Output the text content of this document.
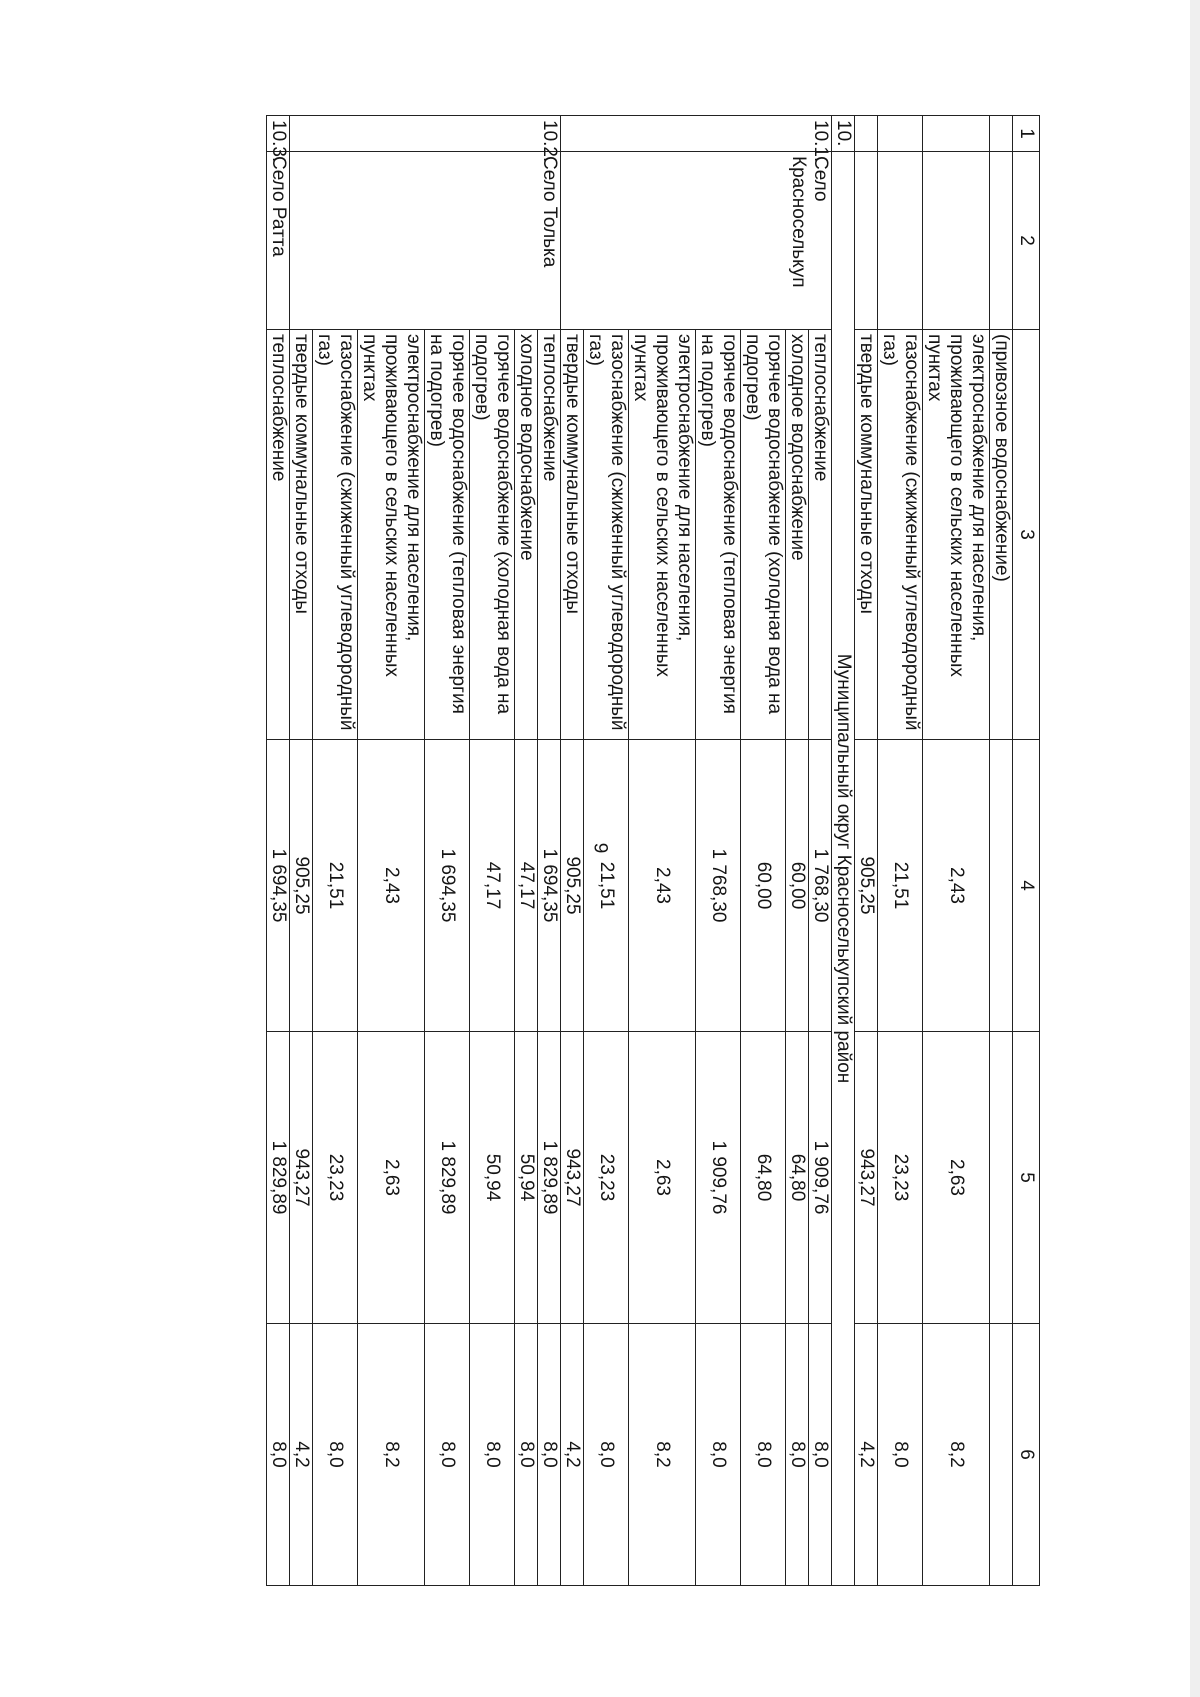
9
1	2	3	4	5	6
		(привозное водоснабжение)			
		электроснабжение для населения, проживающего в сельских населенных пунктах	2,43	2,63	8,2
		газоснабжение (сжиженный углеводородный газ)	21,51	23,23	8,0
		твердые коммунальные отходы	905,25	943,27	4,2
10.	Муниципальный округ Красноселькупский район				
10.1.	Село Красноселькуп	теплоснабжение	1 768,30	1 909,76	8,0
		холодное водоснабжение	60,00	64,80	8,0
		горячее водоснабжение (холодная вода на подогрев)	60,00	64,80	8,0
		горячее водоснабжение (тепловая энергия на подогрев)	1 768,30	1 909,76	8,0
		электроснабжение для населения, проживающего в сельских населенных пунктах	2,43	2,63	8,2
		газоснабжение (сжиженный углеводородный газ)	21,51	23,23	8,0
		твердые коммунальные отходы	905,25	943,27	4,2
10.2.	Село Толька	теплоснабжение	1 694,35	1 829,89	8,0
		холодное водоснабжение	47,17	50,94	8,0
		горячее водоснабжение (холодная вода на подогрев)	47,17	50,94	8,0
		горячее водоснабжение (тепловая энергия на подогрев)	1 694,35	1 829,89	8,0
		электроснабжение для населения, проживающего в сельских населенных пунктах	2,43	2,63	8,2
		газоснабжение (сжиженный углеводородный газ)	21,51	23,23	8,0
		твердые коммунальные отходы	905,25	943,27	4,2
10.3.	Село Ратта	теплоснабжение	1 694,35	1 829,89	8,0
